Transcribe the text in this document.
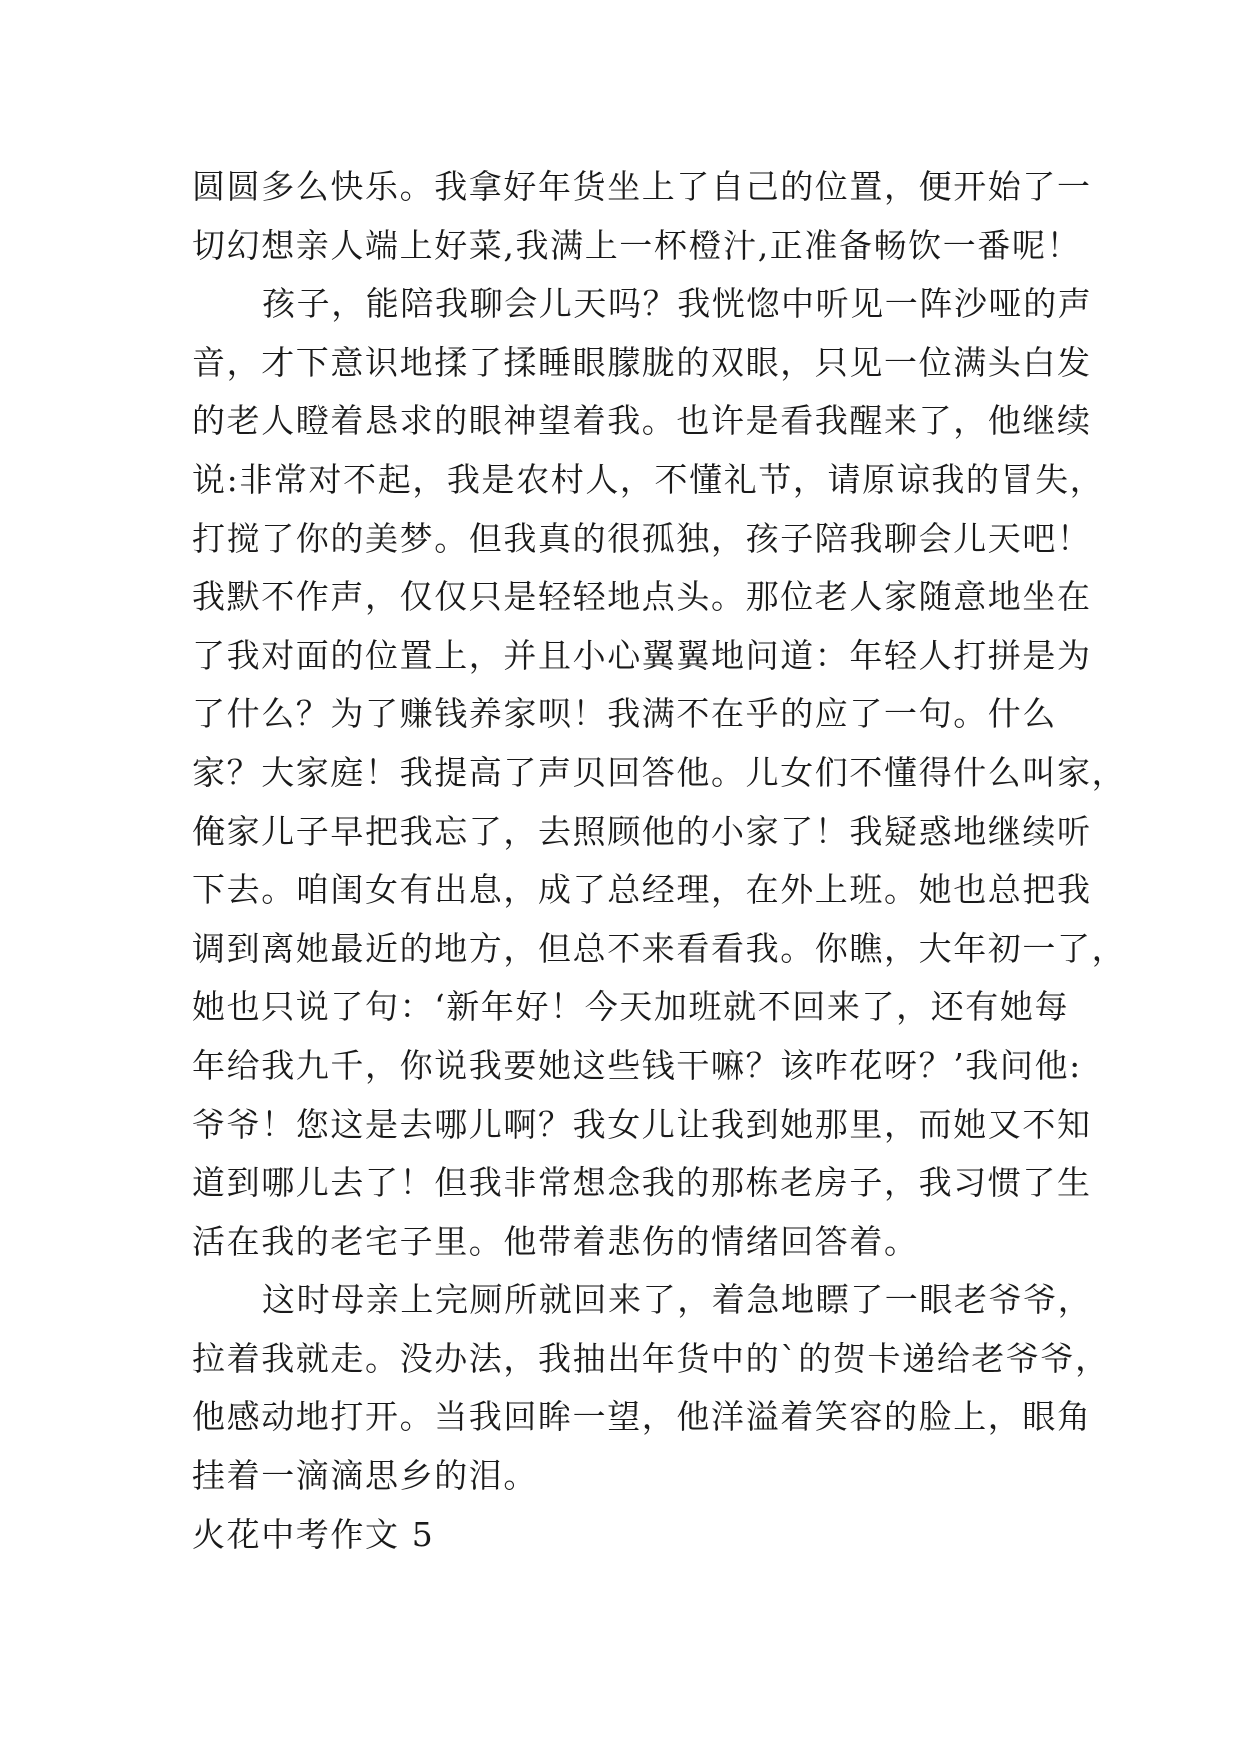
圆圆多么快乐。我拿好年货坐上了自己的位置，便开始了一
切幻想亲人端上好菜,我满上一杯橙汁,正准备畅饮一番呢！
孩子，能陪我聊会儿天吗？我恍惚中听见一阵沙哑的声
音，才下意识地揉了揉睡眼朦胧的双眼，只见一位满头白发
的老人瞪着恳求的眼神望着我。也许是看我醒来了，他继续
说:非常对不起，我是农村人，不懂礼节，请原谅我的冒失，
打搅了你的美梦。但我真的很孤独，孩子陪我聊会儿天吧！
我默不作声，仅仅只是轻轻地点头。那位老人家随意地坐在
了我对面的位置上，并且小心翼翼地问道：年轻人打拼是为
了什么？为了赚钱养家呗！我满不在乎的应了一句。什么
家？大家庭！我提高了声贝回答他。儿女们不懂得什么叫家，
俺家儿子早把我忘了，去照顾他的小家了！我疑惑地继续听
下去。咱闺女有出息，成了总经理，在外上班。她也总把我
调到离她最近的地方，但总不来看看我。你瞧，大年初一了，
她也只说了句：‘新年好！今天加班就不回来了，还有她每
年给我九千，你说我要她这些钱干嘛？该咋花呀？’我问他:
爷爷！您这是去哪儿啊？我女儿让我到她那里，而她又不知
道到哪儿去了！但我非常想念我的那栋老房子，我习惯了生
活在我的老宅子里。他带着悲伤的情绪回答着。
这时母亲上完厕所就回来了，着急地瞟了一眼老爷爷，
拉着我就走。没办法，我抽出年货中的`的贺卡递给老爷爷，
他感动地打开。当我回眸一望，他洋溢着笑容的脸上，眼角
挂着一滴滴思乡的泪。
火花中考作文 5
